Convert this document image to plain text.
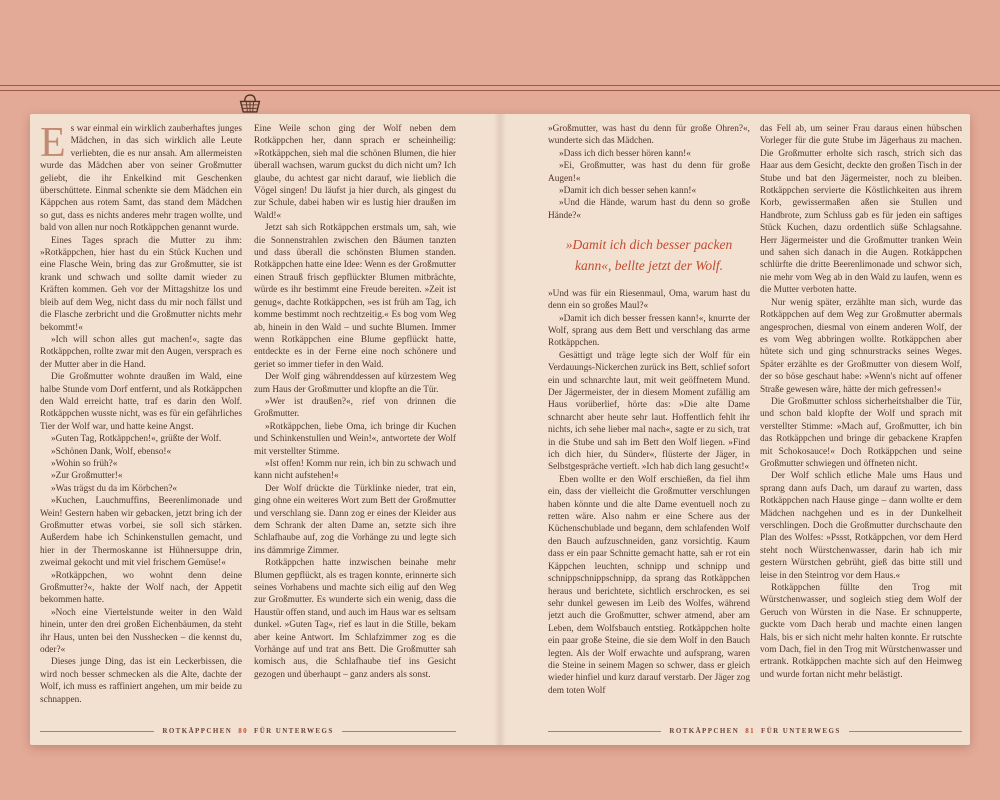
Es war einmal ein wirklich zauberhaftes junges Mädchen, in das sich wirklich alle Leute verliebten, die es nur ansah. Am allermeisten wurde das Mädchen aber von seiner Großmutter geliebt, die ihr Enkelkind mit Geschenken überschüttete. Einmal schenkte sie dem Mädchen ein Käppchen aus rotem Samt, das stand dem Mädchen so gut, dass es nichts anderes mehr tragen wollte, und bald von allen nur noch Rotkäppchen genannt wurde.

Eines Tages sprach die Mutter zu ihm: »Rotkäppchen, hier hast du ein Stück Kuchen und eine Flasche Wein, bring das zur Großmutter, sie ist krank und schwach und sollte damit wieder zu Kräften kommen. Geh vor der Mittagshitze los und bleib auf dem Weg, nicht dass du mir noch fällst und die Flasche zerbricht und die Großmutter nichts mehr bekommt!«

»Ich will schon alles gut machen!«, sagte das Rotkäppchen, rollte zwar mit den Augen, versprach es der Mutter aber in die Hand.

Die Großmutter wohnte draußen im Wald, eine halbe Stunde vom Dorf entfernt, und als Rotkäppchen den Wald erreicht hatte, traf es darin den Wolf. Rotkäppchen wusste nicht, was es für ein gefährliches Tier der Wolf war, und hatte keine Angst.

»Guten Tag, Rotkäppchen!«, grüßte der Wolf.

»Schönen Dank, Wolf, ebenso!«

»Wohin so früh?«

»Zur Großmutter!«

»Was trägst du da im Körbchen?«

»Kuchen, Lauchmuffins, Beerenlimonade und Wein! Gestern haben wir gebacken, jetzt bring ich der Großmutter etwas vorbei, sie soll sich stärken. Außerdem habe ich Schinkenstullen gemacht, und hier in der Thermoskanne ist Hühnersuppe drin, zweimal gekocht und mit viel frischem Gemüse!«

»Rotkäppchen, wo wohnt denn deine Großmutter?«, hakte der Wolf nach, der Appetit bekommen hatte.

»Noch eine Viertelstunde weiter in den Wald hinein, unter den drei großen Eichenbäumen, da steht ihr Haus, unten bei den Nusshecken – die kennst du, oder?«

Dieses junge Ding, das ist ein Leckerbissen, die wird noch besser schmecken als die Alte, dachte der Wolf, ich muss es raffiniert angehen, um mir beide zu schnappen.

Eine Weile schon ging der Wolf neben dem Rotkäppchen her, dann sprach er scheinheilig: »Rotkäppchen, sieh mal die schönen Blumen, die hier überall wachsen, warum guckst du dich nicht um? Ich glaube, du achtest gar nicht darauf, wie lieblich die Vögel singen! Du läufst ja hier durch, als gingest du zur Schule, dabei haben wir es lustig hier draußen im Wald!«

Jetzt sah sich Rotkäppchen erstmals um, sah, wie die Sonnenstrahlen zwischen den Bäumen tanzten und dass überall die schönsten Blumen standen. Rotkäppchen hatte eine Idee: Wenn es der Großmutter einen Strauß frisch gepflückter Blumen mitbrächte, würde es ihr bestimmt eine Freude bereiten. »Zeit ist genug«, dachte Rotkäppchen, »es ist früh am Tag, ich komme bestimmt noch rechtzeitig.« Es bog vom Weg ab, hinein in den Wald – und suchte Blumen. Immer wenn Rotkäppchen eine Blume gepflückt hatte, entdeckte es in der Ferne eine noch schönere und geriet so immer tiefer in den Wald.

Der Wolf ging währenddessen auf kürzestem Weg zum Haus der Großmutter und klopfte an die Tür.

»Wer ist draußen?«, rief von drinnen die Großmutter.

»Rotkäppchen, liebe Oma, ich bringe dir Kuchen und Schinkenstullen und Wein!«, antwortete der Wolf mit verstellter Stimme.

»Ist offen! Komm nur rein, ich bin zu schwach und kann nicht aufstehen!«

Der Wolf drückte die Türklinke nieder, trat ein, ging ohne ein weiteres Wort zum Bett der Großmutter und verschlang sie. Dann zog er eines der Kleider aus dem Schrank der alten Dame an, setzte sich ihre Schlafhaube auf, zog die Vorhänge zu und legte sich ins dämmrige Zimmer.

Rotkäppchen hatte inzwischen beinahe mehr Blumen gepflückt, als es tragen konnte, erinnerte sich seines Vorhabens und machte sich eilig auf den Weg zur Großmutter. Es wunderte sich ein wenig, dass die Haustür offen stand, und auch im Haus war es seltsam dunkel. »Guten Tag«, rief es laut in die Stille, bekam aber keine Antwort. Im Schlafzimmer zog es die Vorhänge auf und trat ans Bett. Die Großmutter sah komisch aus, die Schlafhaube tief ins Gesicht gezogen und überhaupt – ganz anders als sonst.

ROTKÄPPCHEN 80 FÜR UNTERWEGS

»Großmutter, was hast du denn für große Ohren?«, wunderte sich das Mädchen.

»Dass ich dich besser hören kann!«

»Ei, Großmutter, was hast du denn für große Augen!«

»Damit ich dich besser sehen kann!«

»Und die Hände, warum hast du denn so große Hände?«

»Damit ich dich besser packen kann«, bellte jetzt der Wolf.

»Und was für ein Riesenmaul, Oma, warum hast du denn ein so großes Maul?«

»Damit ich dich besser fressen kann!«, knurrte der Wolf, sprang aus dem Bett und verschlang das arme Rotkäppchen.

Gesättigt und träge legte sich der Wolf für ein Verdauungs-Nickerchen zurück ins Bett, schlief sofort ein und schnarchte laut, mit weit geöffnetem Mund. Der Jägermeister, der in diesem Moment zufällig am Haus vorüberlief, hörte das: »Die alte Dame schnarcht aber heute sehr laut. Hoffentlich fehlt ihr nichts, ich sehe lieber mal nach«, sagte er zu sich, trat in die Stube und sah im Bett den Wolf liegen. »Find ich dich hier, du Sünder«, flüsterte der Jäger, in Selbstgespräche vertieft. »Ich hab dich lang gesucht!«

Eben wollte er den Wolf erschießen, da fiel ihm ein, dass der vielleicht die Großmutter verschlungen haben könnte und die alte Dame eventuell noch zu retten wäre. Also nahm er eine Schere aus der Küchenschublade und begann, dem schlafenden Wolf den Bauch aufzuschneiden, ganz vorsichtig. Kaum dass er ein paar Schnitte gemacht hatte, sah er rot ein Käppchen leuchten, schnipp und schnipp und schnippschnippschnipp, da sprang das Rotkäppchen heraus und berichtete, sichtlich erschrocken, es sei sehr dunkel gewesen im Leib des Wolfes, während jetzt auch die Großmutter, schwer atmend, aber am Leben, dem Wolfsbauch entstieg. Rotkäppchen holte ein paar große Steine, die sie dem Wolf in den Bauch legten. Als der Wolf erwachte und aufsprang, waren die Steine in seinem Magen so schwer, dass er gleich wieder hinfiel und kurz darauf verstarb. Der Jäger zog dem toten Wolf

das Fell ab, um seiner Frau daraus einen hübschen Vorleger für die gute Stube im Jägerhaus zu machen. Die Großmutter erholte sich rasch, strich sich das Haar aus dem Gesicht, deckte den großen Tisch in der Stube und bat den Jägermeister, noch zu bleiben. Rotkäppchen servierte die Köstlichkeiten aus ihrem Korb, gewissermaßen aßen sie Stullen und Handbrote, zum Schluss gab es für jeden ein saftiges Stück Kuchen, dazu ordentlich süße Schlagsahne. Herr Jägermeister und die Großmutter tranken Wein und sahen sich danach in die Augen. Rotkäppchen schlürfte die dritte Beerenlimonade und schwor sich, nie mehr vom Weg ab in den Wald zu laufen, wenn es die Mutter verboten hatte.

Nur wenig später, erzählte man sich, wurde das Rotkäppchen auf dem Weg zur Großmutter abermals angesprochen, diesmal von einem anderen Wolf, der es vom Weg abbringen wollte. Rotkäppchen aber hütete sich und ging schnurstracks seines Weges. Später erzählte es der Großmutter von diesem Wolf, der so böse geschaut habe: »Wenn's nicht auf offener Straße gewesen wäre, hätte der mich gefressen!«

Die Großmutter schloss sicherheitshalber die Tür, und schon bald klopfte der Wolf und sprach mit verstellter Stimme: »Mach auf, Großmutter, ich bin das Rotkäppchen und bringe dir gebackene Krapfen mit Schokosauce!« Doch Rotkäppchen und seine Großmutter schwiegen und öffneten nicht.

Der Wolf schlich etliche Male ums Haus und sprang dann aufs Dach, um darauf zu warten, dass Rotkäppchen nach Hause ginge – dann wollte er dem Mädchen nachgehen und es in der Dunkelheit verschlingen. Doch die Großmutter durchschaute den Plan des Wolfes: »Pssst, Rotkäppchen, vor dem Herd steht noch Würstchenwasser, darin hab ich mir gestern Würstchen gebrüht, gieß das bitte still und leise in den Steintrog vor dem Haus.«

Rotkäppchen füllte den Trog mit Würstchenwasser, und sogleich stieg dem Wolf der Geruch von Würsten in die Nase. Er schnupperte, guckte vom Dach herab und machte einen langen Hals, bis er sich nicht mehr halten konnte. Er rutschte vom Dach, fiel in den Trog mit Würstchenwasser und ertrank. Rotkäppchen machte sich auf den Heimweg und wurde fortan nicht mehr belästigt.

ROTKÄPPCHEN 81 FÜR UNTERWEGS
